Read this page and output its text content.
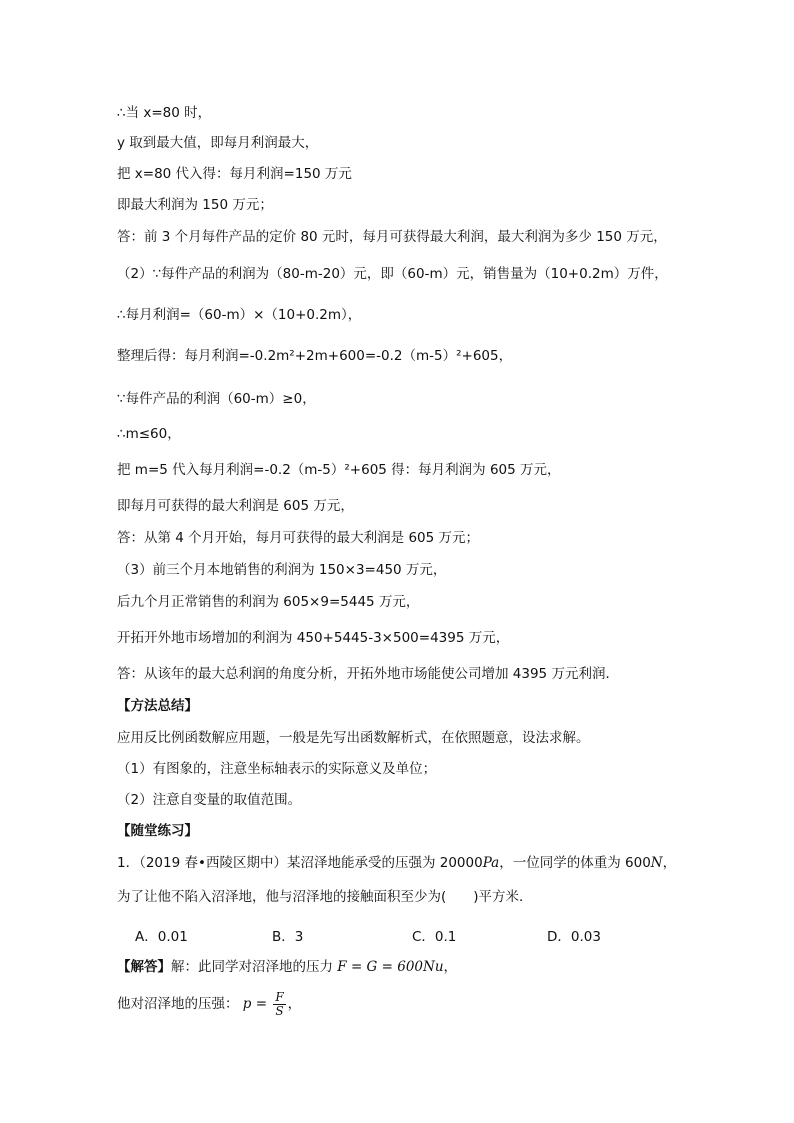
∴当 x=80 时，
y 取到最大值，即每月利润最大，
把 x=80 代入得：每月利润=150 万元
即最大利润为 150 万元；
答：前 3 个月每件产品的定价 80 元时，每月可获得最大利润，最大利润为多少 150 万元，
（2）∵每件产品的利润为（80-m-20）元，即（60-m）元，销售量为（10+0.2m）万件，
∴每月利润=（60-m）×（10+0.2m），
整理后得：每月利润=-0.2m²+2m+600=-0.2（m-5）²+605，
∵每件产品的利润（60-m）≥0，
∴m≤60，
把 m=5 代入每月利润=-0.2（m-5）²+605 得：每月利润为 605 万元，
即每月可获得的最大利润是 605 万元，
答：从第 4 个月开始，每月可获得的最大利润是 605 万元；
（3）前三个月本地销售的利润为 150×3=450 万元，
后九个月正常销售的利润为 605×9=5445 万元，
开拓开外地市场增加的利润为 450+5445-3×500=4395 万元，
答：从该年的最大总利润的角度分析，开拓外地市场能使公司增加 4395 万元利润．
【方法总结】
应用反比例函数解应用题，一般是先写出函数解析式，在依照题意，设法求解。
（1）有图象的，注意坐标轴表示的实际意义及单位；
（2）注意自变量的取值范围。
【随堂练习】
1．（2019 春•西陵区期中）某沼泽地能承受的压强为 20000Pa，一位同学的体重为 600N，
为了让他不陷入沼泽地，他与沼泽地的接触面积至少为(　　)平方米．
A．0.01	B．3	C．0.1	D．0.03
【解答】解：此同学对沼泽地的压力 F = G = 600Nu，
他对沼泽地的压强： $p = \frac{F}{S}$ ，
